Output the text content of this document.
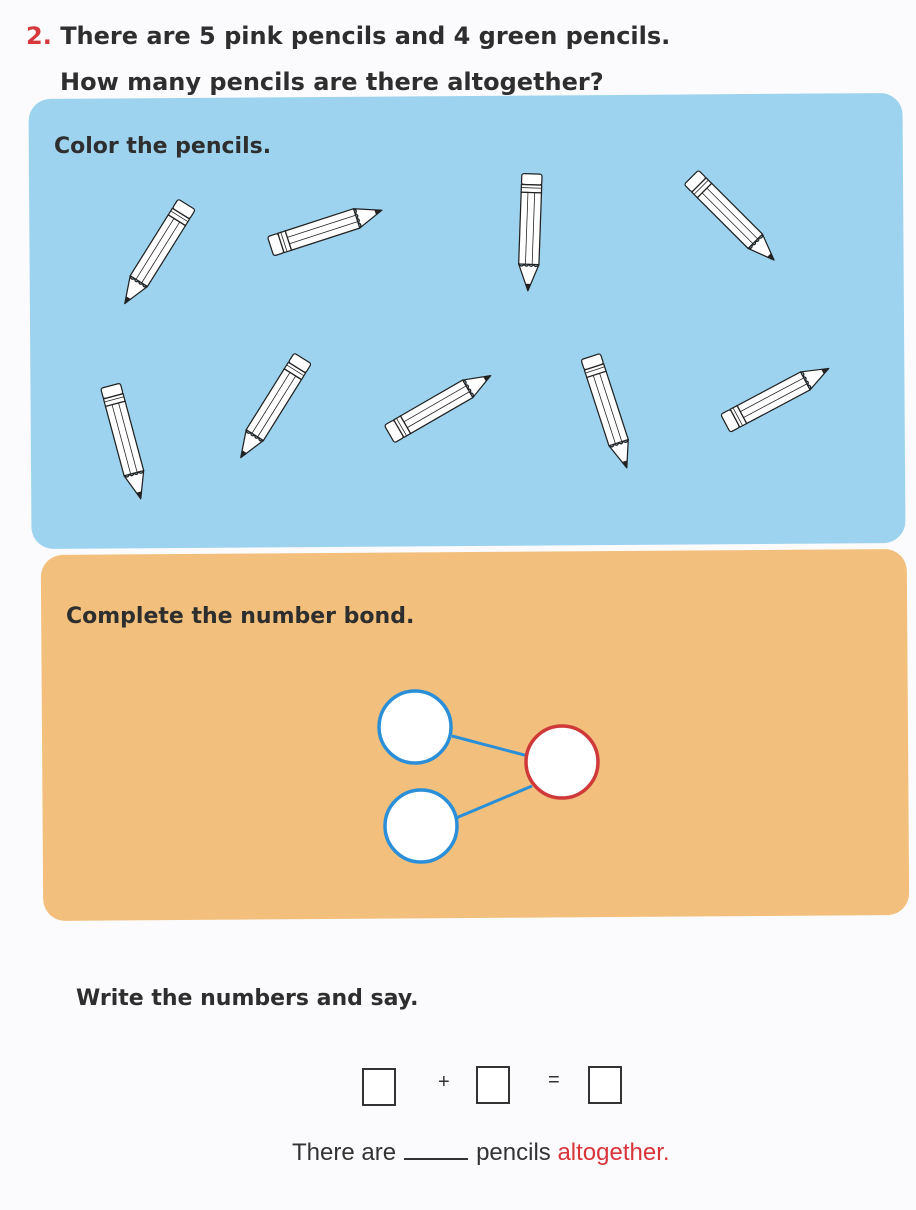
2. There are 5 pink pencils and 4 green pencils.
How many pencils are there altogether?
Color the pencils.
Complete the number bond.
Write the numbers and say.
+	=
There are	pencils altogether.
